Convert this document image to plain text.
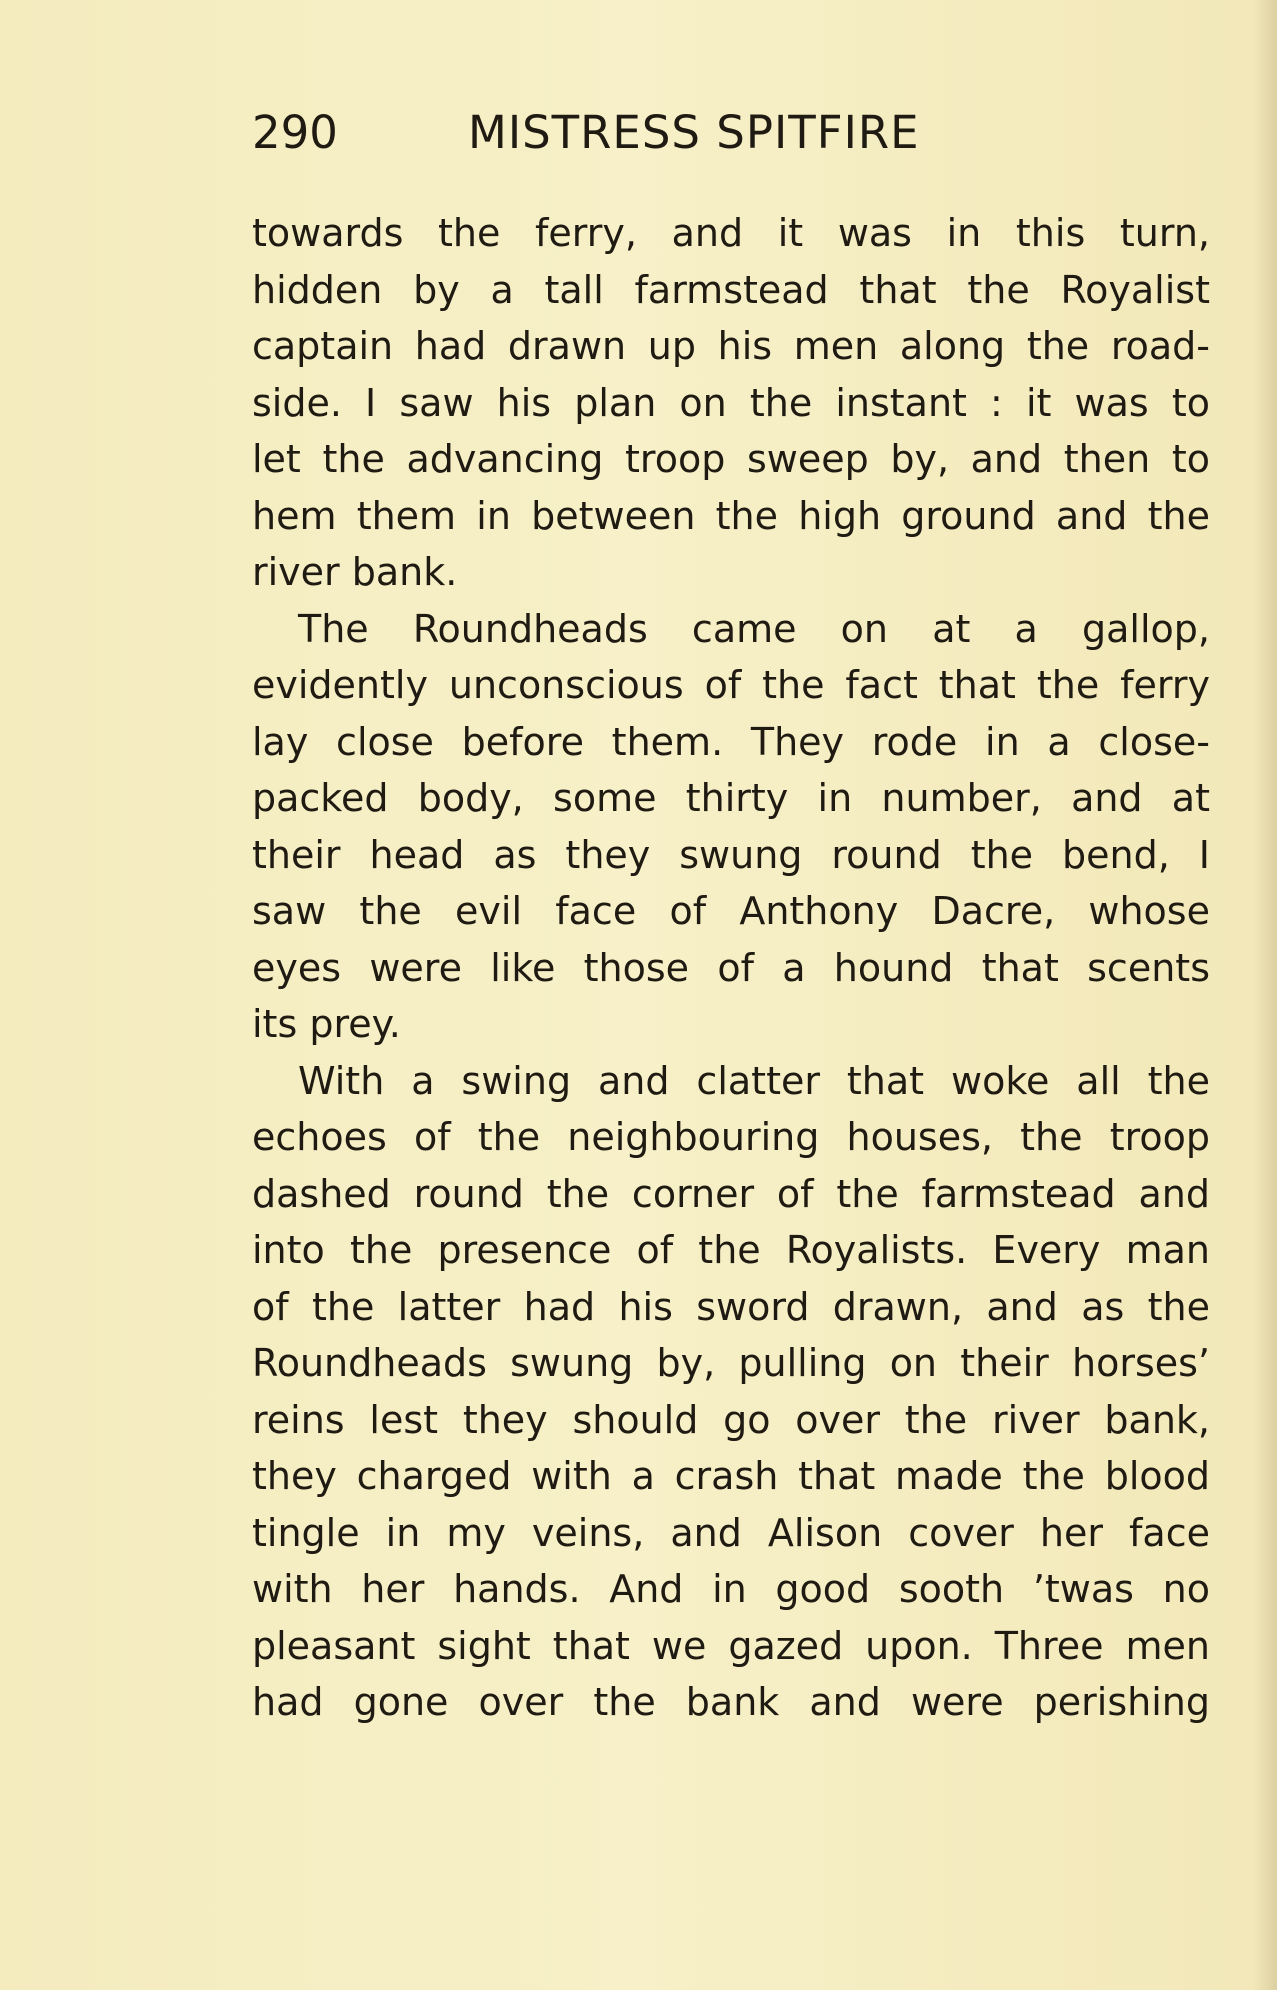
290	MISTRESS SPITFIRE
towards the ferry, and it was in this turn,
hidden by a tall farmstead that the Royalist
captain had drawn up his men along the road-
side. I saw his plan on the instant : it was to
let the advancing troop sweep by, and then to
hem them in between the high ground and the
river bank.
The Roundheads came on at a gallop,
evidently unconscious of the fact that the ferry
lay close before them. They rode in a close-
packed body, some thirty in number, and at
their head as they swung round the bend, I
saw the evil face of Anthony Dacre, whose
eyes were like those of a hound that scents
its prey.
With a swing and clatter that woke all the
echoes of the neighbouring houses, the troop
dashed round the corner of the farmstead and
into the presence of the Royalists. Every man
of the latter had his sword drawn, and as the
Roundheads swung by, pulling on their horses’
reins lest they should go over the river bank,
they charged with a crash that made the blood
tingle in my veins, and Alison cover her face
with her hands. And in good sooth ’twas no
pleasant sight that we gazed upon. Three men
had gone over the bank and were perishing
